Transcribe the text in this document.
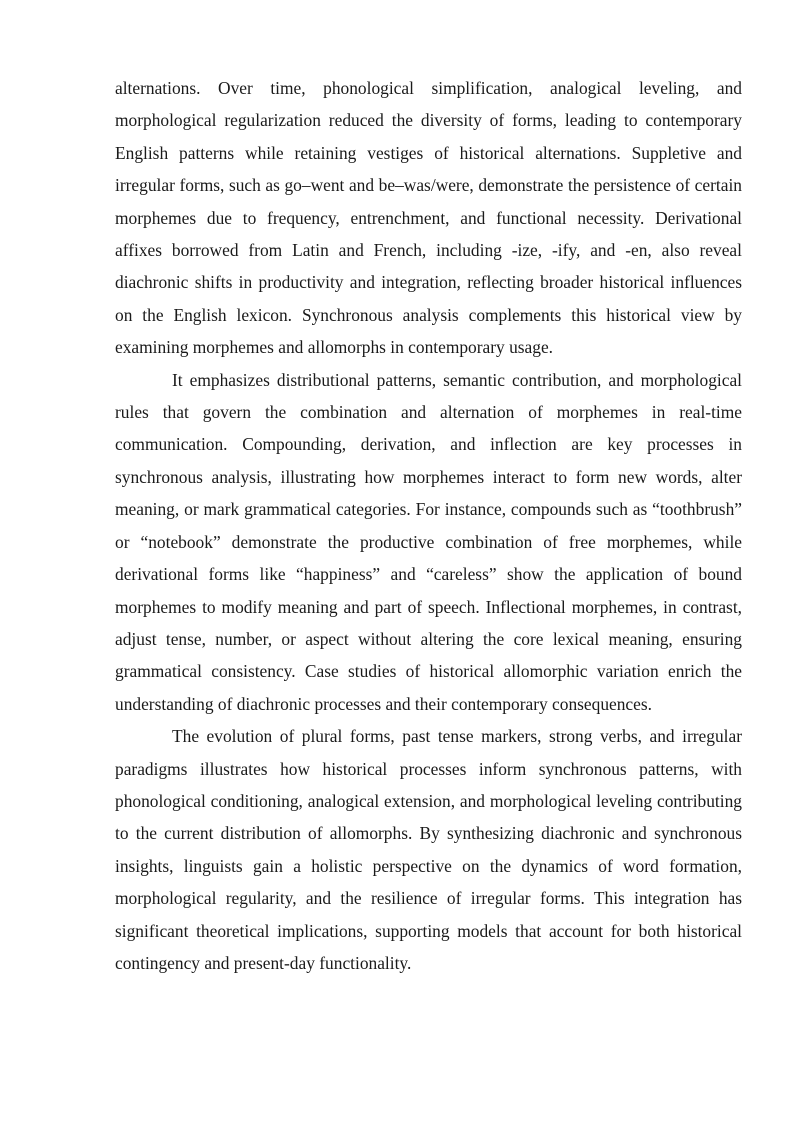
alternations. Over time, phonological simplification, analogical leveling, and morphological regularization reduced the diversity of forms, leading to contemporary English patterns while retaining vestiges of historical alternations. Suppletive and irregular forms, such as go–went and be–was/were, demonstrate the persistence of certain morphemes due to frequency, entrenchment, and functional necessity. Derivational affixes borrowed from Latin and French, including -ize, -ify, and -en, also reveal diachronic shifts in productivity and integration, reflecting broader historical influences on the English lexicon. Synchronous analysis complements this historical view by examining morphemes and allomorphs in contemporary usage.

It emphasizes distributional patterns, semantic contribution, and morphological rules that govern the combination and alternation of morphemes in real-time communication. Compounding, derivation, and inflection are key processes in synchronous analysis, illustrating how morphemes interact to form new words, alter meaning, or mark grammatical categories. For instance, compounds such as “toothbrush” or “notebook” demonstrate the productive combination of free morphemes, while derivational forms like “happiness” and “careless” show the application of bound morphemes to modify meaning and part of speech. Inflectional morphemes, in contrast, adjust tense, number, or aspect without altering the core lexical meaning, ensuring grammatical consistency. Case studies of historical allomorphic variation enrich the understanding of diachronic processes and their contemporary consequences.

The evolution of plural forms, past tense markers, strong verbs, and irregular paradigms illustrates how historical processes inform synchronous patterns, with phonological conditioning, analogical extension, and morphological leveling contributing to the current distribution of allomorphs. By synthesizing diachronic and synchronous insights, linguists gain a holistic perspective on the dynamics of word formation, morphological regularity, and the resilience of irregular forms. This integration has significant theoretical implications, supporting models that account for both historical contingency and present-day functionality.
